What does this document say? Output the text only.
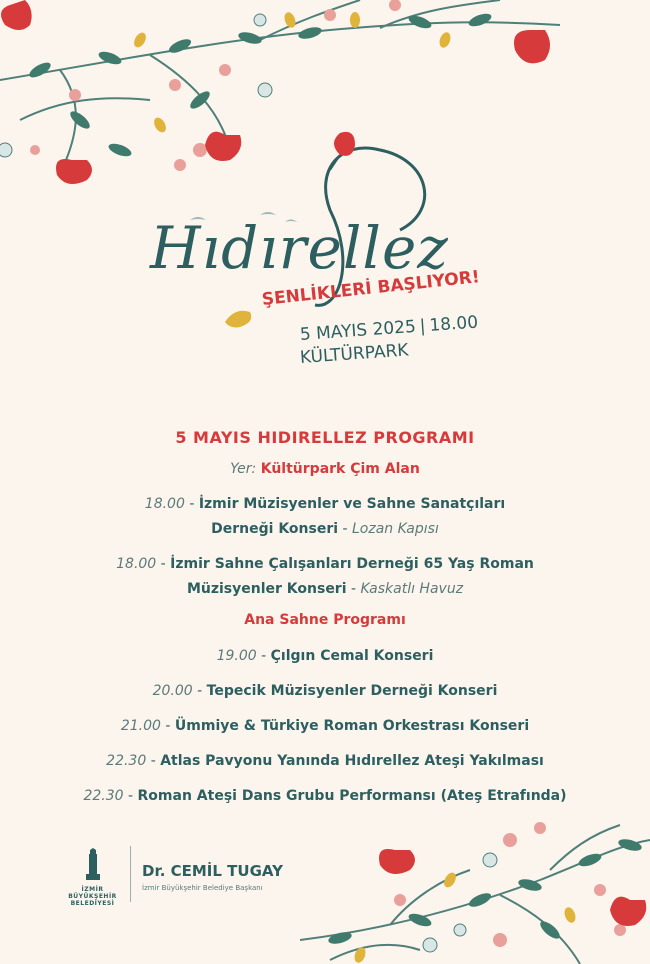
Hıdırellez
ŞENLİKLERİ BAŞLIYOR!
5 MAYIS 2025 | 18.00
KÜLTÜRPARK
5 MAYIS HIDIRELLEZ PROGRAMI
Yer: Kültürpark Çim Alan
18.00 - İzmir Müzisyenler ve Sahne Sanatçıları
Derneği Konseri - Lozan Kapısı
18.00 - İzmir Sahne Çalışanları Derneği 65 Yaş Roman
Müzisyenler Konseri - Kaskatlı Havuz
Ana Sahne Programı
19.00 - Çılgın Cemal Konseri
20.00 - Tepecik Müzisyenler Derneği Konseri
21.00 - Ümmiye & Türkiye Roman Orkestrası Konseri
22.30 - Atlas Pavyonu Yanında Hıdırellez Ateşi Yakılması
22.30 - Roman Ateşi Dans Grubu Performansı (Ateş Etrafında)
İZMİR
BÜYÜKŞEHİR
BELEDİYESİ
Dr. CEMİL TUGAY
İzmir Büyükşehir Belediye Başkanı
